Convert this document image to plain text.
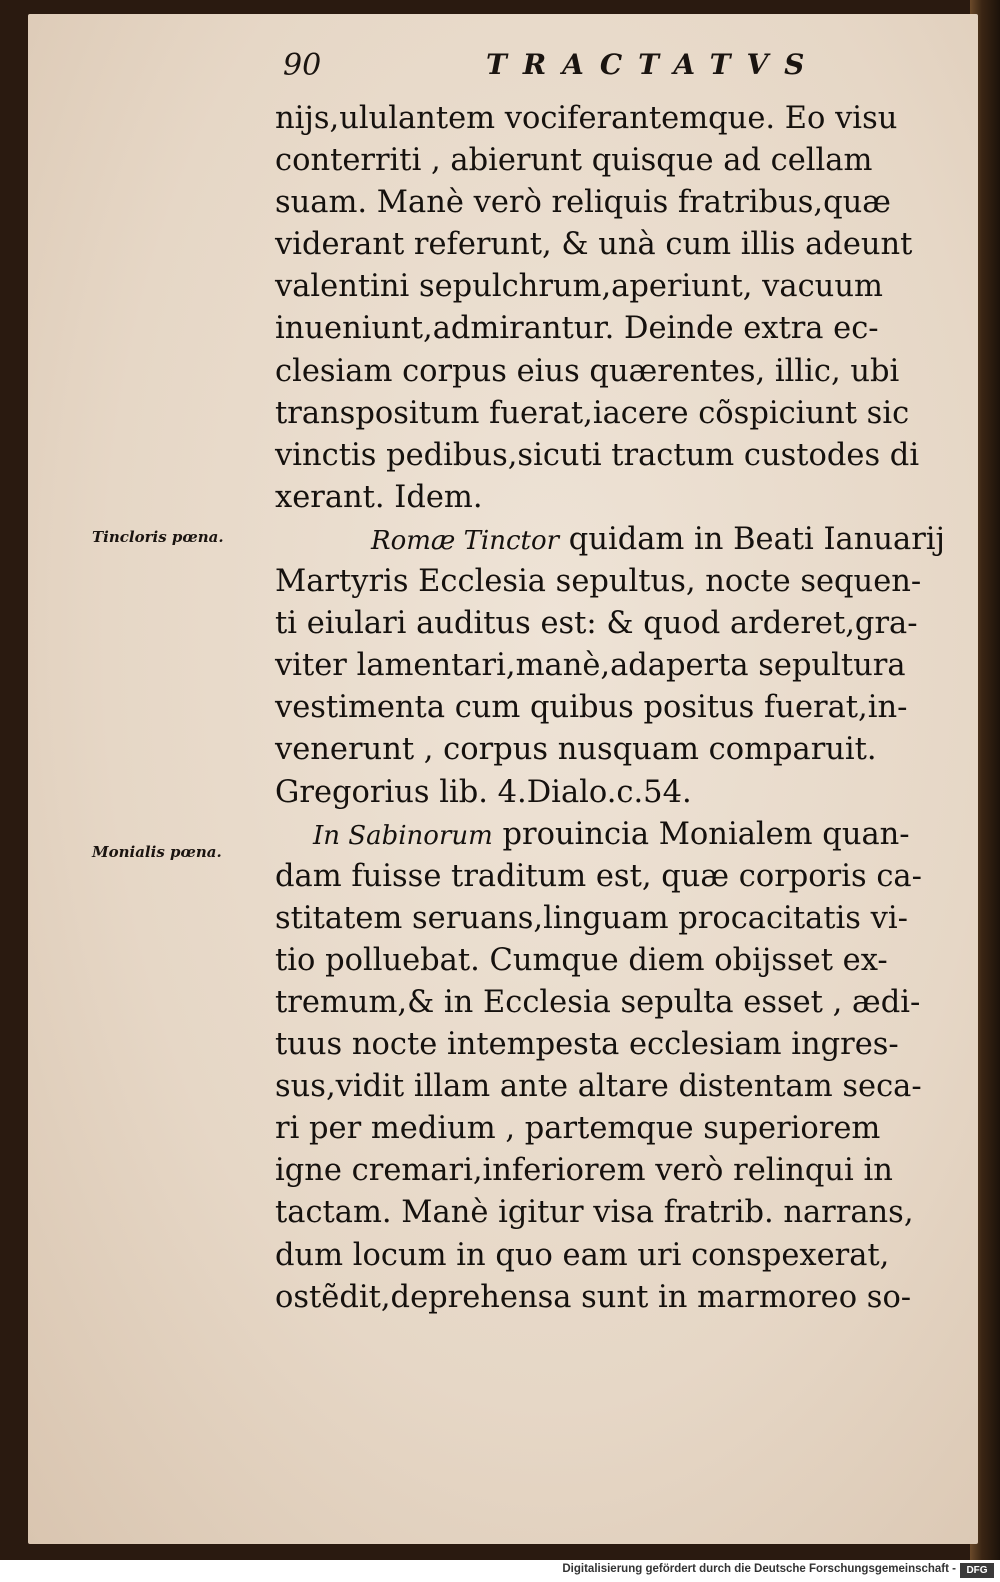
90	TRACTATVS
Tincloris pœna.
Monialis pœna.
nijs,ululantem vociferantemque. Eo visu
conterriti , abierunt quisque ad cellam
suam. Manè verò reliquis fratribus,quæ
viderant referunt, & unà cum illis adeunt
valentini sepulchrum,aperiunt, vacuum
inueniunt,admirantur. Deinde extra ec-
clesiam corpus eius quærentes, illic, ubi
transpositum fuerat,iacere cõspiciunt sic
vinctis pedibus,sicuti tractum custodes di
xerant. Idem.
Romæ Tinctor quidam in Beati Ianuarij
Martyris Ecclesia sepultus, nocte sequen-
ti eiulari auditus est: & quod arderet,gra-
viter lamentari,manè,adaperta sepultura
vestimenta cum quibus positus fuerat,in-
venerunt , corpus nusquam comparuit.
Gregorius lib. 4.Dialo.c.54.
In Sabinorum prouincia Monialem quan-
dam fuisse traditum est, quæ corporis ca-
stitatem seruans,linguam procacitatis vi-
tio polluebat. Cumque diem obijsset ex-
tremum,& in Ecclesia sepulta esset , ædi-
tuus nocte intempesta ecclesiam ingres-
sus,vidit illam ante altare distentam seca-
ri per medium , partemque superiorem
igne cremari,inferiorem verò relinqui in
tactam. Manè igitur visa fratrib. narrans,
dum locum in quo eam uri conspexerat,
ostẽdit,deprehensa sunt in marmoreo so-
Digitalisierung gefördert durch die Deutsche Forschungsgemeinschaft -	DFG
